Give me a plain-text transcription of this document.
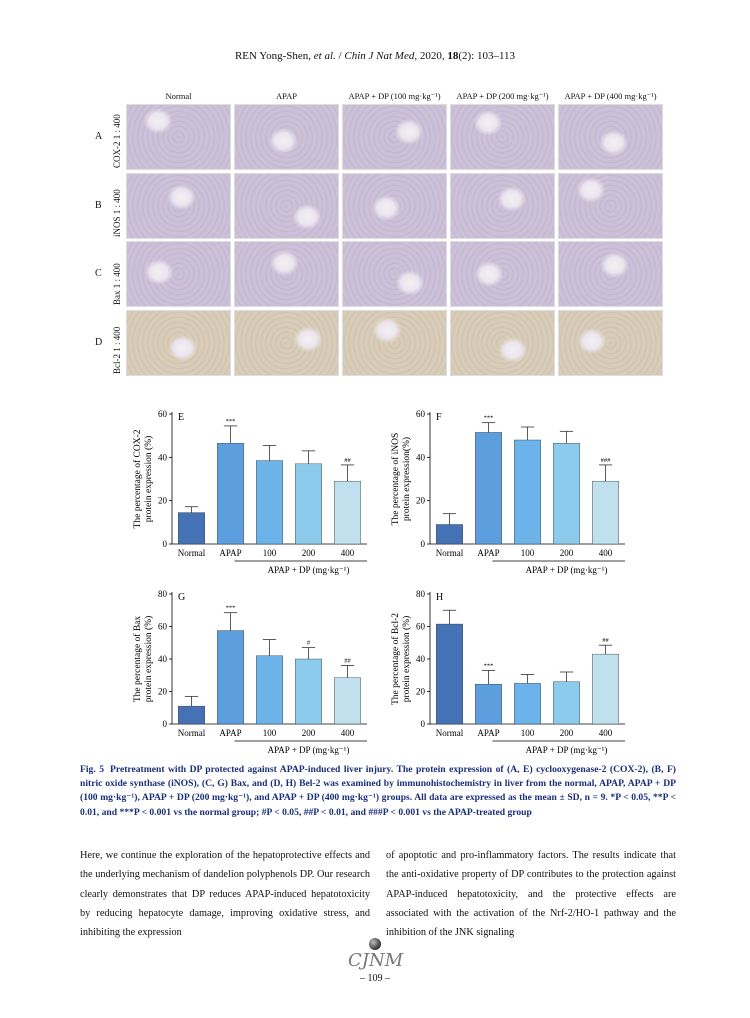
REN Yong-Shen, et al. / Chin J Nat Med, 2020, 18(2): 103–113
The percentage of COX-2protein expression (%)
E
0
20
40
60
Normal
***
APAP 100	200
##
400
APAP + DP (mg·kg⁻¹)
The percentage of iNOSprotein expression(%)
F
0
20
40
60
Normal
***
APAP 100	200
###
400
APAP + DP (mg·kg⁻¹)
The percentage of Baxprotein expression (%)
G
0
20
40
60
80
Normal
***
APAP 100
#
200
##
400
APAP + DP (mg·kg⁻¹)
The percentage of Bcl-2protein expression (%)
H
0
20
40
60
80
Normal
***
APAP 100	200
##
400
APAP + DP (mg·kg⁻¹)
Fig. 5 Pretreatment with DP protected against APAP-induced liver injury. The protein expression of (A, E) cyclooxygenase-2 (COX-2), (B, F) nitric oxide synthase (iNOS), (C, G) Bax, and (D, H) Bel-2 was examined by immunohistochemistry in liver from the normal, APAP, APAP + DP (100 mg·kg⁻¹), APAP + DP (200 mg·kg⁻¹), and APAP + DP (400 mg·kg⁻¹) groups. All data are expressed as the mean ± SD, n = 9. *P < 0.05, **P < 0.01, and ***P < 0.001 vs the normal group; #P < 0.05, ##P < 0.01, and ###P < 0.001 vs the APAP-treated group
Here, we continue the exploration of the hepatoprotective effects and the underlying mechanism of dandelion polyphenols DP. Our research clearly demonstrates that DP reduces APAP-induced hepatotoxicity by reducing hepatocyte damage, improving oxidative stress, and inhibiting the expression
of apoptotic and pro-inflammatory factors. The results indicate that the anti-oxidative property of DP contributes to the protection against APAP-induced hepatotoxicity, and the protective effects are associated with the activation of the Nrf-2/HO-1 pathway and the inhibition of the JNK signaling
CJNM
– 109 –
Normal	APAP	APAP + DP (100 mg·kg⁻¹)	APAP + DP (200 mg·kg⁻¹)	APAP + DP (400 mg·kg⁻¹)
A COX-2 1 : 400
B iNOS 1 : 400
C Bax 1 : 400
D Bcl-2 1 : 400
